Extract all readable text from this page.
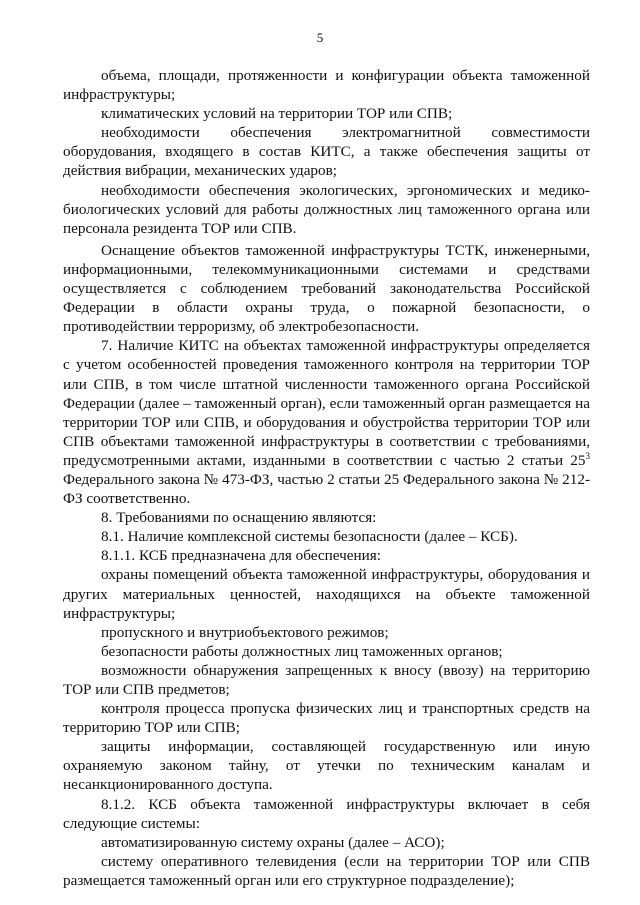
5

объема, площади, протяженности и конфигурации объекта таможенной инфраструктуры;

климатических условий на территории ТОР или СПВ;

необходимости обеспечения электромагнитной совместимости оборудования, входящего в состав КИТС, а также обеспечения защиты от действия вибрации, механических ударов;

необходимости обеспечения экологических, эргономических и медико-биологических условий для работы должностных лиц таможенного органа или персонала резидента ТОР или СПВ.

Оснащение объектов таможенной инфраструктуры ТСТК, инженерными, информационными, телекоммуникационными системами и средствами осуществляется с соблюдением требований законодательства Российской Федерации в области охраны труда, о пожарной безопасности, о противодействии терроризму, об электробезопасности.

7. Наличие КИТС на объектах таможенной инфраструктуры определяется с учетом особенностей проведения таможенного контроля на территории ТОР или СПВ, в том числе штатной численности таможенного органа Российской Федерации (далее – таможенный орган), если таможенный орган размещается на территории ТОР или СПВ, и оборудования и обустройства территории ТОР или СПВ объектами таможенной инфраструктуры в соответствии с требованиями, предусмотренными актами, изданными в соответствии с частью 2 статьи $25^3$ Федерального закона № 473-ФЗ, частью 2 статьи 25 Федерального закона № 212-ФЗ соответственно.

8. Требованиями по оснащению являются:

8.1. Наличие комплексной системы безопасности (далее – КСБ).

8.1.1. КСБ предназначена для обеспечения:

охраны помещений объекта таможенной инфраструктуры, оборудования и других материальных ценностей, находящихся на объекте таможенной инфраструктуры;

пропускного и внутриобъектового режимов;

безопасности работы должностных лиц таможенных органов;

возможности обнаружения запрещенных к вносу (ввозу) на территорию ТОР или СПВ предметов;

контроля процесса пропуска физических лиц и транспортных средств на территорию ТОР или СПВ;

защиты информации, составляющей государственную или иную охраняемую законом тайну, от утечки по техническим каналам и несанкционированного доступа.

8.1.2. КСБ объекта таможенной инфраструктуры включает в себя следующие системы:

автоматизированную систему охраны (далее – АСО);

систему оперативного телевидения (если на территории ТОР или СПВ размещается таможенный орган или его структурное подразделение);
